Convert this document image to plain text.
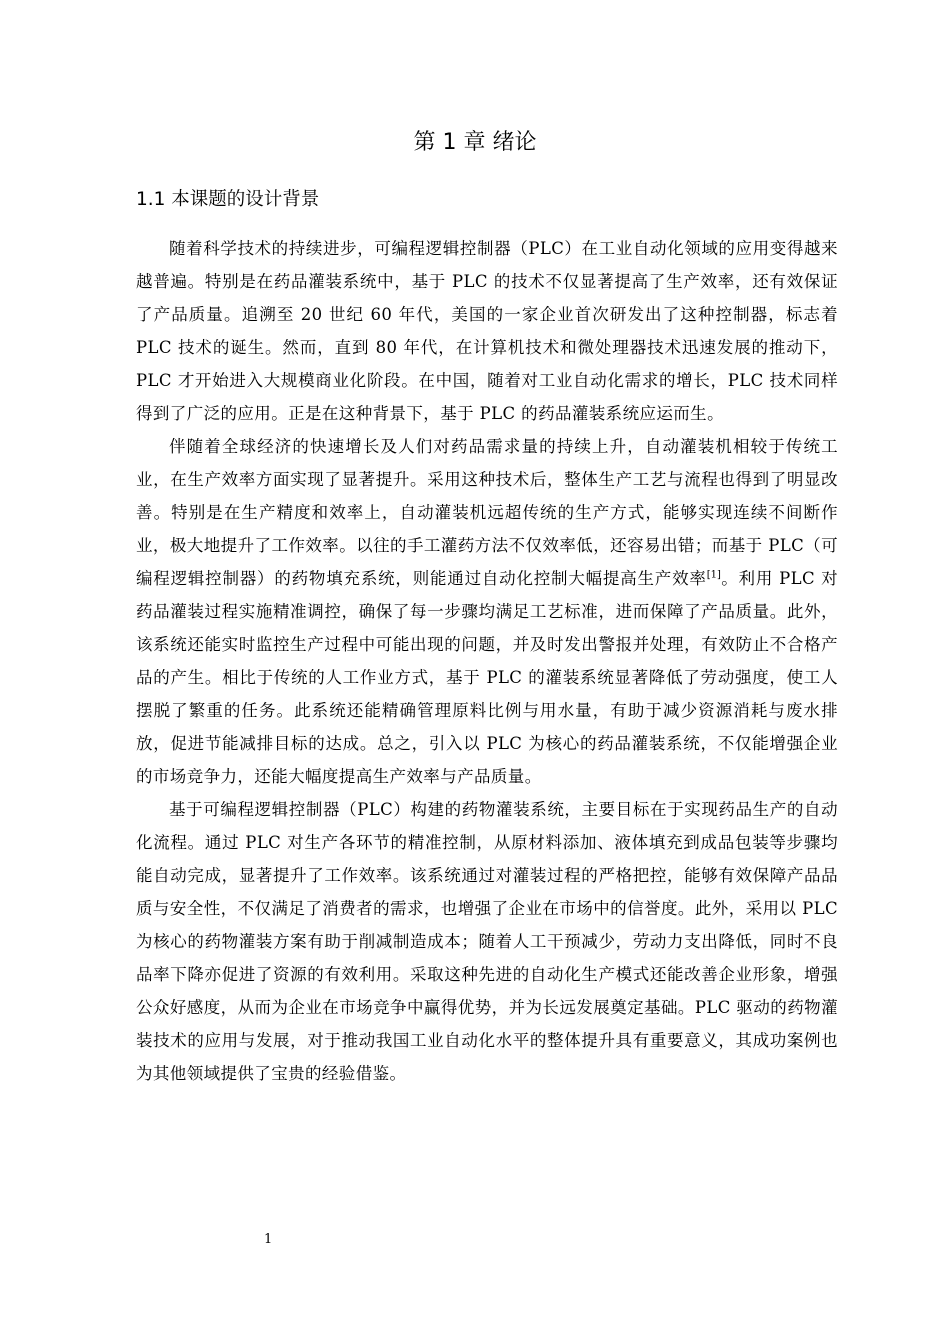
第 1 章 绪论
1.1 本课题的设计背景

随着科学技术的持续进步，可编程逻辑控制器（PLC）在工业自动化领域的应用变得越来越普遍。特别是在药品灌装系统中，基于 PLC 的技术不仅显著提高了生产效率，还有效保证了产品质量。追溯至 20 世纪 60 年代，美国的一家企业首次研发出了这种控制器，标志着 PLC 技术的诞生。然而，直到 80 年代，在计算机技术和微处理器技术迅速发展的推动下，PLC 才开始进入大规模商业化阶段。在中国，随着对工业自动化需求的增长，PLC 技术同样得到了广泛的应用。正是在这种背景下，基于 PLC 的药品灌装系统应运而生。

伴随着全球经济的快速增长及人们对药品需求量的持续上升，自动灌装机相较于传统工业，在生产效率方面实现了显著提升。采用这种技术后，整体生产工艺与流程也得到了明显改善。特别是在生产精度和效率上，自动灌装机远超传统的生产方式，能够实现连续不间断作业，极大地提升了工作效率。以往的手工灌药方法不仅效率低，还容易出错；而基于 PLC（可编程逻辑控制器）的药物填充系统，则能通过自动化控制大幅提高生产效率[1]。利用 PLC 对药品灌装过程实施精准调控，确保了每一步骤均满足工艺标准，进而保障了产品质量。此外，该系统还能实时监控生产过程中可能出现的问题，并及时发出警报并处理，有效防止不合格产品的产生。相比于传统的人工作业方式，基于 PLC 的灌装系统显著降低了劳动强度，使工人摆脱了繁重的任务。此系统还能精确管理原料比例与用水量，有助于减少资源消耗与废水排放，促进节能减排目标的达成。总之，引入以 PLC 为核心的药品灌装系统，不仅能增强企业的市场竞争力，还能大幅度提高生产效率与产品质量。

基于可编程逻辑控制器（PLC）构建的药物灌装系统，主要目标在于实现药品生产的自动化流程。通过 PLC 对生产各环节的精准控制，从原材料添加、液体填充到成品包装等步骤均能自动完成，显著提升了工作效率。该系统通过对灌装过程的严格把控，能够有效保障产品品质与安全性，不仅满足了消费者的需求，也增强了企业在市场中的信誉度。此外，采用以 PLC 为核心的药物灌装方案有助于削减制造成本；随着人工干预减少，劳动力支出降低，同时不良品率下降亦促进了资源的有效利用。采取这种先进的自动化生产模式还能改善企业形象，增强公众好感度，从而为企业在市场竞争中赢得优势，并为长远发展奠定基础。PLC 驱动的药物灌装技术的应用与发展，对于推动我国工业自动化水平的整体提升具有重要意义，其成功案例也为其他领域提供了宝贵的经验借鉴。

1
